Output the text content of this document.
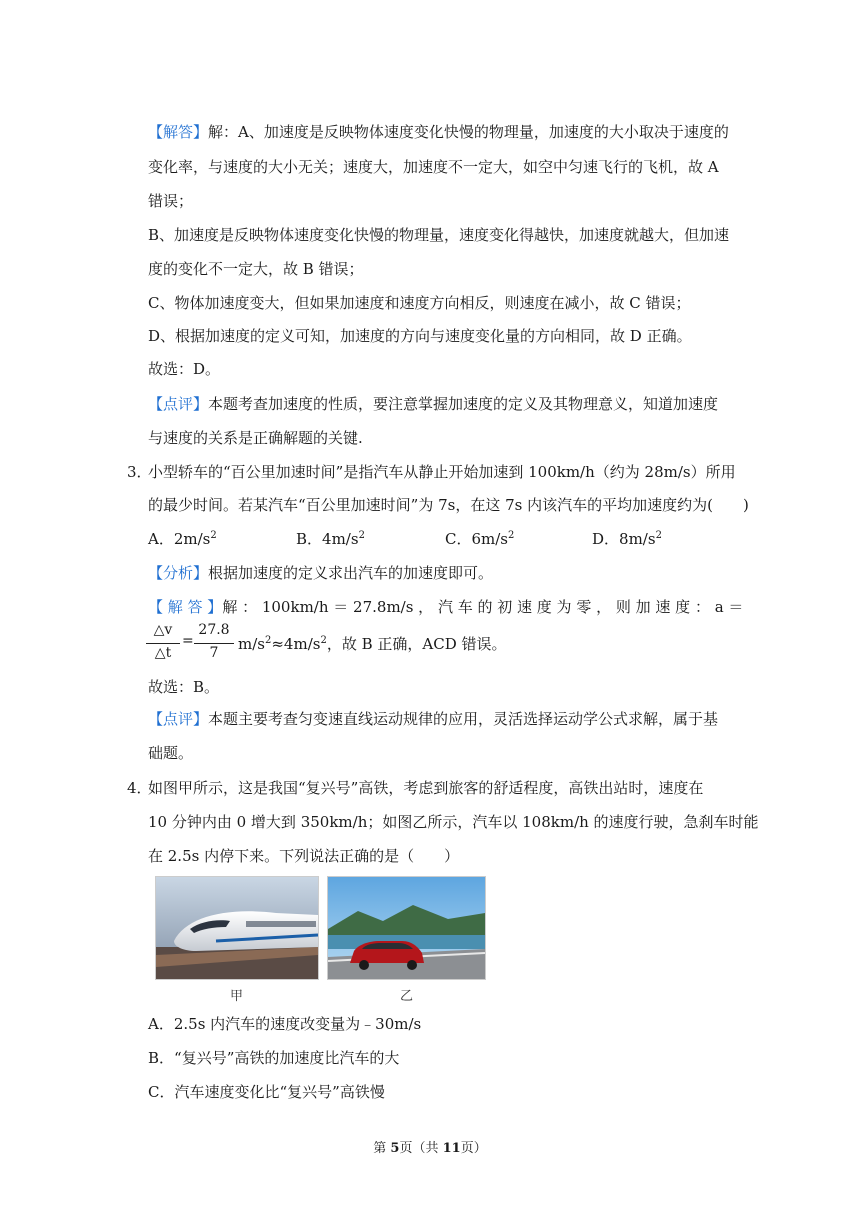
【解答】解：A、加速度是反映物体速度变化快慢的物理量，加速度的大小取决于速度的
变化率，与速度的大小无关；速度大，加速度不一定大，如空中匀速飞行的飞机，故 A
错误；
B、加速度是反映物体速度变化快慢的物理量，速度变化得越快，加速度就越大，但加速
度的变化不一定大，故 B 错误；
C、物体加速度变大，但如果加速度和速度方向相反，则速度在减小，故 C 错误；
D、根据加速度的定义可知，加速度的方向与速度变化量的方向相同，故 D 正确。
故选：D。
【点评】本题考查加速度的性质，要注意掌握加速度的定义及其物理意义，知道加速度
与速度的关系是正确解题的关键.
3．
小型轿车的“百公里加速时间”是指汽车从静止开始加速到 100km/h（约为 28m/s）所用
的最少时间。若某汽车“百公里加速时间”为 7s，在这 7s 内该汽车的平均加速度约为(　　)
A．$2m/s^2$	B．$4m/s^2$	C．$6m/s^2$	D．$8m/s^2$
【分析】根据加速度的定义求出汽车的加速度即可。
【 解 答 】解 ： 100km/h ＝ 27.8m/s ， 汽 车 的 初 速 度 为 零 ， 则 加 速 度 ： a ＝
△v
△t
=
27.8
7	$m/s^2\approx 4m/s^2$，故 B 正确，ACD 错误。
故选：B。
【点评】本题主要考查匀变速直线运动规律的应用，灵活选择运动学公式求解，属于基
础题。
4．
如图甲所示，这是我国“复兴号”高铁，考虑到旅客的舒适程度，高铁出站时，速度在
10 分钟内由 0 增大到 350km/h；如图乙所示，汽车以 108km/h 的速度行驶，急刹车时能
在 2.5s 内停下来。下列说法正确的是（　　）
甲	乙
A．2.5s 内汽车的速度改变量为﹣30m/s
B．“复兴号”高铁的加速度比汽车的大
C．汽车速度变化比“复兴号”高铁慢
第 5页（共 11页）
